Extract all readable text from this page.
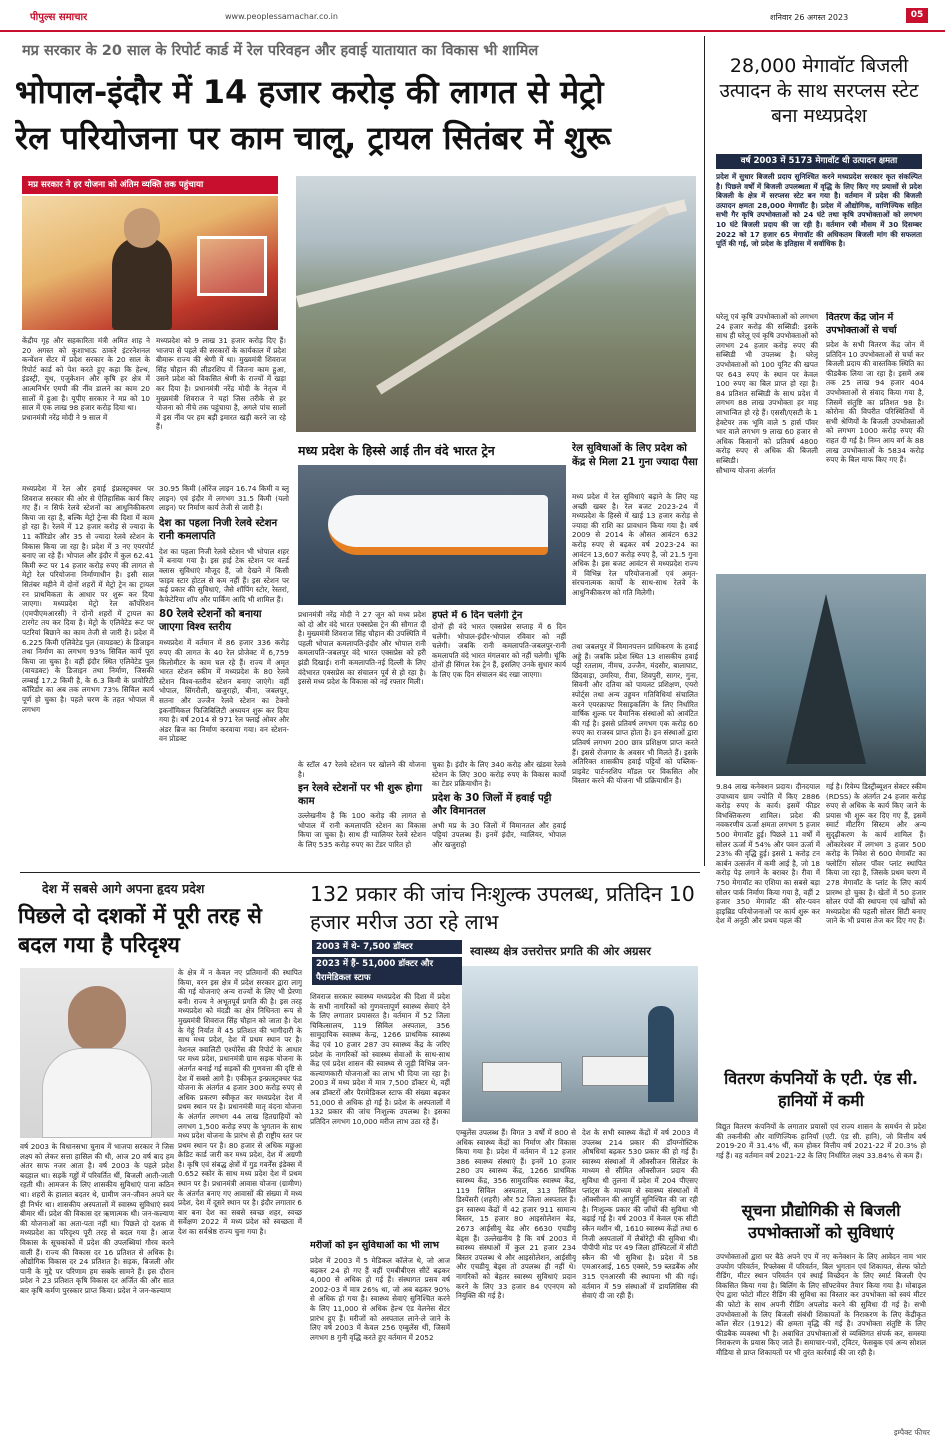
पीपुल्स समाचार	www.peoplessamachar.co.in	शनिवार 26 अगस्त 2023	05
मप्र सरकार के 20 साल के रिपोर्ट कार्ड में रेल परिवहन और हवाई यातायात का विकास भी शामिल
भोपाल-इंदौर में 14 हजार करोड़ की लागत से मेट्रो
रेल परियोजना पर काम चालू, ट्रायल सितंबर में शुरू
मप्र सरकार ने हर योजना को अंतिम व्यक्ति तक पहुंचाया
केंद्रीय गृह और सहकारिता मंत्री अमित शाह ने 20 अगस्त को कुशाभाऊ ठाकरे इंटरनेशनल कन्वेंशन सेंटर में प्रदेश सरकार के 20 साल के रिपोर्ट कार्ड को पेश करते हुए कहा कि हेल्थ, इंडस्ट्री, यूथ, एजुकेशन और कृषि हर क्षेत्र में आत्मनिर्भर एमपी की नींव डालने का काम 20 सालों में हुआ है। यूपीए सरकार ने मप्र को 10 साल में एक लाख 98 हजार करोड़ दिया था।
प्रधानमंत्री नरेंद्र मोदी ने 9 साल में
मध्यप्रदेश को 9 लाख 31 हजार करोड़ दिए हैं। भाजपा से पहले की सरकारों के कार्यकाल में प्रदेश बीमारू राज्य की श्रेणी में था। मुख्यमंत्री शिवराज सिंह चौहान की लीडरशिप में जितना काम हुआ, उसने प्रदेश को विकसित श्रेणी के राज्यों में खड़ा कर दिया है। प्रधानमंत्री नरेंद्र मोदी के नेतृत्व में मुख्यमंत्री शिवराज ने यहां जिस तरीके से हर योजना को नीचे तक पहुंचाया है, अगले पांच सालों में इस नींव पर हम बड़ी इमारत खड़ी करने जा रहे हैं।
मध्यप्रदेश में रेल और हवाई इंफ्रास्ट्रक्चर पर शिवराज सरकार की ओर से ऐतिहासिक कार्य किए गए हैं। न सिर्फ रेलवे स्टेशनों का आधुनिकीकरण किया जा रहा है, बल्कि मेट्रो ट्रेन्स की दिशा में काम हो रहा है। रेलवे में 12 हजार करोड़ से ज्यादा के 11 कॉरिडोर और 35 से ज्यादा रेलवे स्टेशन के विकास किया जा रहा है। प्रदेश में 3 नए एयरपोर्ट बनाए जा रहे हैं। भोपाल और इंदौर में कुल 62.41 किमी रूट पर 14 हजार करोड़ रुपए की लागत से मेट्रो रेल परियोजना निर्माणाधीन है। इसी साल सितंबर महीने में दोनों शहरों में मेट्रो ट्रेन का ट्रायल रन प्राथमिकता के आधार पर शुरू कर दिया जाएगा। मध्यप्रदेश मेट्रो रेल कॉर्पोरेशन (एमपीएमआरसी) ने दोनों शहरों में ट्रायल का टारगेट तय कर दिया है। मेट्रो के एलिवेटेड रूट पर पटरियां बिछाने का काम तेजी से जारी है। प्रदेश में 6.225 किमी एलिवेटेड पुल (वायडक्ट) के डिजाइन तथा निर्माण का लगभग 93% सिविल कार्य पूरा किया जा चुका है। वहीं इंदौर स्थित एलिवेटेड पुल (वायडक्ट) के डिजाइन तथा निर्माण, जिसकी लम्बाई 17.2 किमी है, के 6.3 किमी के प्रायोरिटी कॉरिडोर का अब तक लगभग 73% सिविल कार्य पूर्ण हो चुका है। पहले चरण के तहत भोपाल में लगभग
30.95 किमी (ऑरेंज लाइन 16.74 किमी व ब्लू लाइन) एवं इंदौर में लगभग 31.5 किमी (यलो लाइन) पर निर्माण कार्य तेजी से जारी है।
देश का पहला निजी रेलवे स्टेशन रानी कमलापति
देश का पहला निजी रेलवे स्टेशन भी भोपाल शहर में बनाया गया है। इस हाई टेक स्टेशन पर वर्ल्ड क्लास सुविधाएं मौजूद हैं, जो देखने में किसी फाइव स्टार होटल से कम नहीं हैं। इस स्टेशन पर कई प्रकार की सुविधाएं, जैसे शॉपिंग स्टोर, रेस्तरां, कैफेटेरिया शॉप और पार्किंग आदि भी शामिल हैं।
80 रेलवे स्टेशनों को बनाया जाएगा विश्व स्तरीय
मध्यप्रदेश में वर्तमान में 86 हजार 336 करोड़ रुपए की लागत के 40 रेल प्रोजेक्ट में 6,759 किलोमीटर के काम चल रहे हैं। राज्य में अमृत भारत स्टेशन स्कीम में मध्यप्रदेश के 80 रेलवे स्टेशन विश्व-स्तरीय स्टेशन बनाए जाएंगे। वहीं भोपाल, सिंगरौली, खजुराहो, बीना, जबलपुर, सतना और उज्जैन रेलवे स्टेशन का टेक्नो इकनॉमिकल फिजिबिलिटी अध्ययन शुरू कर दिया गया है। वर्ष 2014 से 971 रेल फ्लाई ओवर और अंडर ब्रिज का निर्माण करवाया गया। वन स्टेशन-वन प्रोडक्ट
मध्य प्रदेश के हिस्से आई तीन वंदे भारत ट्रेन
प्रधानमंत्री नरेंद्र मोदी ने 27 जून को मध्य प्रदेश को दो और वंदे भारत एक्सप्रेस ट्रेन की सौगात दी है। मुख्यमंत्री शिवराज सिंह चौहान की उपस्थिति में पहली भोपाल कमलापति-इंदौर और भोपाल रानी कमलापति-जबलपुर वंदे भारत एक्सप्रेस को हरी झंडी दिखाई। रानी कमलापति-नई दिल्ली के लिए वंदेभारत एक्सप्रेस का संचालन पूर्व से हो रहा है। इससे मध्य प्रदेश के विकास को नई रफ्तार मिली।
हफ्ते में 6 दिन चलेगी ट्रेन
दोनों ही वंदे भारत एक्सप्रेस सप्ताह में 6 दिन चलेंगी। भोपाल-इंदौर-भोपाल रविवार को नहीं चलेगी। जबकि रानी कमलापति-जबलपुर-रानी कमलापति वंदे भारत मंगलवार को नहीं चलेगी। चूंकि दोनों ही सिंगल रेक ट्रेन हैं, इसलिए उनके सुधार कार्य के लिए एक दिन संचालन बंद रखा जाएगा।
के स्टॉल 47 रेलवे स्टेशन पर खोलने की योजना है।
इन रेलवे स्टेशनों पर भी शुरू होगा काम
उल्लेखनीय है कि 100 करोड़ की लागत से भोपाल में रानी कमलापति स्टेशन का विकास किया जा चुका है। साथ ही ग्वालियर रेलवे स्टेशन के लिए 535 करोड़ रुपए का टेंडर पारित हो
चुका है। इंदौर के लिए 340 करोड़ और खंडवा रेलवे स्टेशन के लिए 300 करोड़ रुपए के विकास कार्यों का टेंडर प्रक्रियाधीन है।
प्रदेश के 30 जिलों में हवाई पट्टी और विमानतल
अभी मप्र के 30 जिलों में विमानतल और हवाई पट्टियां उपलब्ध हैं। इनमें इंदौर, ग्वालियर, भोपाल और खजुराहो
रेल सुविधाओं के लिए प्रदेश को केंद्र से मिला 21 गुना ज्यादा पैसा
मध्य प्रदेश में रेल सुविधाएं बढ़ाने के लिए यह अच्छी खबर है। रेल बजट 2023-24 में मध्यप्रदेश के हिस्से में खाई 13 हजार करोड़ से ज्यादा की राशि का प्रावधान किया गया है। वर्ष 2009 से 2014 के औसत आवंटन 632 करोड़ रुपए से बढ़कर वर्ष 2023-24 का आवंटन 13,607 करोड़ रुपए है, जो 21.5 गुना अधिक है। इस बजट आवंटन से मध्यप्रदेश राज्य में विभिन्न रेल परियोजनाओं एवं अमृत-संरचनात्मक कार्यों के साथ-साथ रेलवे के आधुनिकीकरण को गति मिलेगी।
तथा जबलपुर में विमानपत्तन प्राधिकरण के हवाई अड्डे हैं। जबकि प्रदेश स्थित 13 शासकीय हवाई पट्टी रतलाम, नीमच, उज्जैन, मंदसौर, बालाघाट, छिंदवाड़ा, उमरिया, रीवा, शिवपुरी, सागर, गुना, सिवनी और दतिया को पायलट प्रशिक्षण, एयरो स्पोर्ट्स तथा अन्य उड्डयन गतिविधियां संचालित करने एयरक्राफ्ट रिसाइकलिंग के लिए निर्धारित वार्षिक शुल्क पर वैमानिक संस्थाओं को आवंटित की गई है। इससे प्रतिवर्ष लगभग एक करोड़ 60 रुपए का राजस्व प्राप्त होता है। इन संस्थाओं द्वारा प्रतिवर्ष लगभग 200 छात्र प्रशिक्षण प्राप्त करते हैं। इससे रोजगार के अवसर भी मिलते हैं। इसके अतिरिक्त शासकीय हवाई पट्टियों को पब्लिक-प्राइवेट पार्टनरशिप मॉडल पर विकसित और विस्तार करने की योजना भी प्रक्रियाधीन है।
28,000 मेगावॉट बिजली उत्पादन के साथ सरप्लस स्टेट बना मध्यप्रदेश
वर्ष 2003 में 5173 मेगावॉट थी उत्पादन क्षमता
प्रदेश में सुधार बिजली प्रदाय सुनिश्चित करने मध्यप्रदेश सरकार कृत संकल्पित है। पिछले वर्षों में बिजली उपलब्धता में वृद्धि के लिए किए गए प्रयासों से प्रदेश बिजली के क्षेत्र में सरप्लस स्टेट बन गया है। वर्तमान में प्रदेश की बिजली उत्पादन क्षमता 28,000 मेगावॉट है। प्रदेश में औद्योगिक, वाणिज्यिक सहित सभी गैर कृषि उपभोक्ताओं को 24 घंटे तथा कृषि उपभोक्ताओं को लगभग 10 घंटे बिजली प्रदाय की जा रही है। वर्तमान रबी मौसम में 30 दिसम्बर 2022 को 17 हजार 65 मेगावॉट की अधिकतम बिजली मांग की सफलता पूर्ति की गई, जो प्रदेश के इतिहास में सर्वाधिक है।
घरेलू एवं कृषि उपभोक्ताओं को लगभग 24 हजार करोड़ की सब्सिडी: इसके साथ ही घरेलू एवं कृषि उपभोक्ताओं को लगभग 24 हजार करोड़ रुपए की सब्सिडी भी उपलब्ध है। घरेलू उपभोक्ताओं को 100 यूनिट की खपत पर 643 रुपए के स्थान पर केवल 100 रुपए का बिल प्राप्त हो रहा है। 84 प्रतिशत सब्सिडी के साथ प्रदेश में लगभग 88 लाख उपभोक्ता हर माह लाभान्वित हो रहे हैं। एससी/एसटी के 1 हेक्टेयर तक भूमि वाले 5 हार्स पॉवर भार वाले लगभग 9 लाख 60 हजार से अधिक किसानों को प्रतिवर्ष 4800 करोड़ रुपए से अधिक की बिजली सब्सिडी।
सौभाग्य योजना अंतर्गत
वितरण केंद्र जोन में उपभोक्ताओं से चर्चा
प्रदेश के सभी वितरण केंद्र जोन में प्रतिदिन 10 उपभोक्ताओं से चर्चा कर बिजली प्रदाय की वास्तविक स्थिति का फीडबैक लिया जा रहा है। इसमें अब तक 25 लाख 94 हजार 404 उपभोक्ताओं से संवाद किया गया है, जिसमें संतुष्टि का प्रतिशत 98 है। कोरोना की विपरीत परिस्थितियों में सभी श्रेणियों के बिजली उपभोक्ताओं को लगभग 1000 करोड़ रुपए की राहत दी गई है। निम्न आय वर्ग के 88 लाख उपभोक्ताओं के 5834 करोड़ रुपए के बिल माफ किए गए हैं।
9.84 लाख कनेक्शन प्रदाय। दीनदयाल उपाध्याय ग्राम ज्योति में किए 2886 करोड़ रुपए के कार्य। इसमें फीडर विभक्तिकरण शामिल। प्रदेश की नवकरणीय ऊर्जा क्षमता लगभग 5 हजार 500 मेगावॉट हुई। पिछले 11 वर्षों में सोलर ऊर्जा में 54% और पवन ऊर्जा में 23% की वृद्धि हुई। इससे 1 करोड़ टन कार्बन उत्सर्जन में कमी आई है, जो 18 करोड़ पेड़ लगाने के बराबर है। रीवा में 750 मेगावॉट का एशिया का सबसे बड़ा सोलर पार्क निर्माण किया गया है, वहीं 2 हजार 350 मेगावॉट की सौर-पवन हाइब्रिड परियोजनाओं पर कार्य शुरू कर देश में अनूठी और प्रथम पहल की
गई है। रिवेम्प डिस्ट्रीब्यूशन सेक्टर स्कीम (RDSS) के अंतर्गत 24 हजार करोड़ रुपए से अधिक के कार्य किए जाने के प्रयास भी शुरू कर दिए गए हैं, इसमें स्मार्ट मीटरिंग सिस्टम और अन्य सुदृढ़ीकरण के कार्य शामिल हैं। ओंकारेश्वर में लगभग 3 हजार 500 करोड़ के निवेश से 600 मेगावॉट का फ्लोटिंग सोलर पॉवर प्लांट स्थापित किया जा रहा है, जिसके प्रथम चरण में 278 मेगावॉट के प्लांट के लिए कार्य प्रारम्भ हो चुका है। खेतों में 50 हजार सोलर पंपों की स्थापना एवं खाँचों को मध्यप्रदेश की पहली सोलर सिटी बनाए जाने के भी प्रयास तेज कर दिए गए हैं।
वितरण कंपनियों के एटी. एंड सी. हानियों में कमी
विद्युत वितरण कंपनियों के लगातार प्रयासों एवं राज्य शासन के समर्थन से प्रदेश की तकनीकी और वाणिज्यिक हानियाँ (एटी. एंड सी. हानि), जो वित्तीय वर्ष 2019-20 में 31.4% थीं, कम होकर वित्तीय वर्ष 2021-22 में 20.3% हो गई हैं। वह वर्तमान वर्ष 2021-22 के लिए निर्धारित लक्ष्य 33.84% से कम हैं।
सूचना प्रौद्योगिकी से बिजली उपभोक्ताओं को सुविधाएं
उपभोक्ताओं द्वारा घर बैठे अपने एप में नए कनेक्शन के लिए आवेदन नाम भार उपयोग परिवर्तन, रिफ्लेक्स में परिवर्तन, बिल भुगतान एवं शिकायत, सेल्फ फोटो रीडिंग, मीटर स्थान परिवर्तन एवं स्थाई विच्छेदन के लिए स्मार्ट बिजली ऐप विकसित किया गया है। बिलिंग के लिए सॉफ्टवेयर तैयार किया गया है। मोबाइल ऐप द्वारा फोटो मीटर रीडिंग की सुविधा का विस्तार कर उपभोक्ता को स्वयं मीटर की फोटो के साथ अपनी रीडिंग अपलोड करने की सुविधा दी गई है। सभी उपभोक्ताओं के लिए बिजली संबंधी शिकायतों के निराकरण के लिए केंद्रीकृत कॉल सेंटर (1912) की क्षमता वृद्धि की गई है। उपभोक्ता संतुष्टि के लिए फीडबैक व्यवस्था भी है। अबाधित उपभोक्ताओं से व्यक्तिगत संपर्क कर, समस्या निराकरण के प्रयास किए जाते हैं। समाचार-पत्रों, ट्विटर, फेसबुक एवं अन्य सोशल मीडिया से प्राप्त शिकायतों पर भी तुरंत कार्रवाई की जा रही है।
इम्पैक्ट फीचर
देश में सबसे आगे अपना हृदय प्रदेश
पिछले दो दशकों में पूरी तरह से बदल गया है परिदृश्य
वर्ष 2003 के विधानसभा चुनाव में भाजपा सरकार ने जिस लक्ष्य को लेकर सत्ता हासिल की थी, आज 20 वर्ष बाद हम अंतर साफ नजर आता है। वर्ष 2003 के पहले प्रदेश बदहाल था। सड़कें गड्ढों में परिवर्तित थीं, बिजली आती-जाती रहती थी। आमजन के लिए शासकीय सुविधाएं पाना कठिन था। शहरों के हालात बदतर थे, ग्रामीण जन-जीवन अपने घर ही निर्भर था। शासकीय अस्पतालों में स्वास्थ्य सुविधाएं स्वयं बीमार थीं। प्रदेश की विकास दर ऋणात्मक थी। जन-कल्याण की योजनाओं का अता-पता नहीं था। पिछले दो दशक में मध्यप्रदेश का परिदृश्य पूरी तरह से बदल गया है। आज विकास के सूचकांकों में प्रदेश की उपलब्धियां गौरव करने वाली हैं। राज्य की विकास दर 16 प्रतिशत से अधिक है। औद्योगिक विकास दर 24 प्रतिशत है। सड़क, बिजली और पानी के मुद्दे पर परिणाम हम सबके सामने हैं। इस दौरान प्रदेश ने 23 प्रतिशत कृषि विकास दर अर्जित की और सात बार कृषि कर्मण पुरस्कार प्राप्त किया। प्रदेश ने जन-कल्याण
के क्षेत्र में न केवल नए प्रतिमानों की स्थापित किया, वरन इस क्षेत्र में प्रदेश सरकार द्वारा लागू की गई योजनाएं अन्य राज्यों के लिए भी प्रेरणा बनी। राज्य ने अभूतपूर्व प्रगति की है। इस तरह मध्यप्रदेश को मंदडी का क्षेत्र निधिनता रूप से मुख्यमंत्री शिवराज सिंह चौहान को जाता है। देश के गेहूं निर्यात में 45 प्रतिशत की भागीदारी के साथ मध्य प्रदेश, देश में प्रथम स्थान पर है। नेशनल क्वालिटी एश्योरेंस की रिपोर्ट के आधार पर मध्य प्रदेश, प्रधानमंत्री ग्राम सड़क योजना के अंतर्गत बनाई गई सड़कों की गुणवत्ता की दृष्टि से देश में सबसे आगे है। एकीकृत इन्फ्रास्ट्रक्चर फंड योजना के अंतर्गत 4 हजार 300 करोड़ रुपए से अधिक प्रकरण स्वीकृत कर मध्यप्रदेश देश में प्रथम स्थान पर है। प्रधानमंत्री मातृ वंदना योजना के अंतर्गत लगभग 44 लाख हितग्राहियों को लगभग 1,500 करोड़ रुपए के भुगतान के साथ मध्य प्रदेश योजना के प्रारंभ से ही राष्ट्रीय स्तर पर प्रथम स्थान पर है। 80 हजार से अधिक मछुआ क्रेडिट कार्ड जारी कर मध्य प्रदेश, देश में अग्रणी है। कृषि एवं संबद्ध क्षेत्रों में गुड गवर्नेंस इंडेक्स में 0.652 स्कोर के साथ मध्य प्रदेश देश में प्रथम स्थान पर है। प्रधानमंत्री आवास योजना (ग्रामीण) के अंतर्गत बनाए गए आवासों की संख्या में मध्य प्रदेश, देश में दूसरे स्थान पर है। इंदौर लगातार 6 बार बना देश का सबसे स्वच्छ शहर, स्वच्छ सर्वेक्षण 2022 में मध्य प्रदेश को स्वच्छता में देश का सर्वश्रेष्ठ राज्य चुना गया है।
132 प्रकार की जांच निःशुल्क उपलब्ध, प्रतिदिन 10 हजार मरीज उठा रहे लाभ
2003 में थे- 7,500 डॉक्टर
2023 में हैं- 51,000 डॉक्टर और पैरामेडिकल स्टाफ
स्वास्थ्य क्षेत्र उत्तरोत्तर प्रगति की ओर अग्रसर
शिवराज सरकार स्वास्थ्य मध्यप्रदेश की दिशा में प्रदेश के सभी नागरिकों को गुणवत्तापूर्ण स्वास्थ्य सेवाएं देने के लिए लगातार प्रयासरत है। वर्तमान में 52 जिला चिकित्सालय, 119 सिविल अस्पताल, 356 सामुदायिक स्वास्थ्य केन्द्र, 1266 प्राथमिक स्वास्थ्य केंद्र एवं 10 हजार 287 उप स्वास्थ्य केंद्र के जरिए प्रदेश के नागरिकों को स्वास्थ्य सेवाओं के साथ-साथ केंद्र एवं प्रदेश शासन की स्वास्थ्य से जुड़ी विभिन्न जन-कल्याणकारी योजनाओं का लाभ भी दिया जा रहा है। 2003 में मध्य प्रदेश में मात्र 7,500 डॉक्टर थे, वहीं अब डॉक्टरों और पैरामेडिकल स्टाफ की संख्या बढ़कर 51,000 से अधिक हो गई है। प्रदेश के अस्पतालों में 132 प्रकार की जांच निःशुल्क उपलब्ध है। इसका प्रतिदिन लगभग 10,000 मरीज लाभ उठा रहे हैं।
मरीजों को इन सुविधाओं का भी लाभ
प्रदेश में 2003 में 5 मेडिकल कॉलेज थे, जो आज बढ़कर 24 हो गए हैं वहीं एमबीबीएस सीटें बढ़कर 4,000 से अधिक हो गई हैं। संस्थागत प्रसव वर्ष 2002-03 में मात्र 26% था, जो अब बढ़कर 90% से अधिक हो गया है। स्वास्थ्य सेवाएं सुनिश्चित करने के लिए 11,000 से अधिक हेल्थ एंड वेलनेस सेंटर प्रारंभ हुए हैं। मरीजों को अस्पताल लाने-ले जाने के लिए वर्ष 2003 में केवल 256 एम्बुलेंस थीं, जिसमें लगभग 8 गुनी वृद्धि करते हुए वर्तमान में 2052
एम्बुलेंस उपलब्ध हैं। विगत 3 वर्षों में 800 से अधिक स्वास्थ्य केंद्रों का निर्माण और विकास किया गया है। प्रदेश में वर्तमान में 12 हजार 386 स्वास्थ्य संस्थाएं हैं। इनमें 10 हजार 280 उप स्वास्थ्य केंद्र, 1266 प्राथमिक स्वास्थ्य केंद्र, 356 सामुदायिक स्वास्थ्य केंद्र, 119 सिविल अस्पताल, 313 सिविल डिस्पेंसरी (शहरी) और 52 जिला अस्पताल हैं। इन स्वास्थ्य केंद्रों में 42 हजार 911 सामान्य बिस्तर, 15 हजार 80 आइसोलेशन बेड, 2673 आईसीयू बेड और 6630 एचडीयू बेड्स हैं। उल्लेखनीय है कि वर्ष 2003 में स्वास्थ्य संस्थाओं में कुल 21 हजार 234 बिस्तर उपलब्ध थे और आइसोलेशन, आईसीयू और एचडीयू बेड्स तो उपलब्ध ही नहीं थे। नागरिकों को बेहतर स्वास्थ्य सुविधाएं प्रदान करने के लिए 33 हजार 84 एएनएम को नियुक्ति की गई है।
देश के सभी स्वास्थ्य केंद्रों में वर्ष 2003 में उपलब्ध 214 प्रकार की डॉयग्नोस्टिक औषधियां बढ़कर 530 प्रकार की हो गई हैं। स्वास्थ्य संस्थाओं में ऑक्सीजन सिलेंडर के माध्यम से सीमित ऑक्सीजन प्रदाय की सुविधा थी तुलना में प्रदेश में 204 पीएसए प्लांट्स के माध्यम से स्वास्थ्य संस्थाओं में ऑक्सीजन की आपूर्ति सुनिश्चित की जा रही है। निःशुल्क प्रकार की जाँचों की सुविधा भी बढ़ाई गई है। वर्ष 2003 में केवल एक सीटी स्कैन मशीन थी, 1610 स्वास्थ्य केंद्रों तथा 6 निजी अस्पतालों में लैबोरेट्री की सुविधा थी। पीपीपी मोड पर 49 जिला हॉस्पिटलों में सीटी स्कैन की भी सुविधा है। प्रदेश में 58 एमआरआई, 165 एक्सरे, 59 ब्लडबैंक और 315 एनआरसी की स्थापना भी की गई। वर्तमान में 59 संस्थाओं में डायलिसिस की सेवाएं दी जा रही हैं।
